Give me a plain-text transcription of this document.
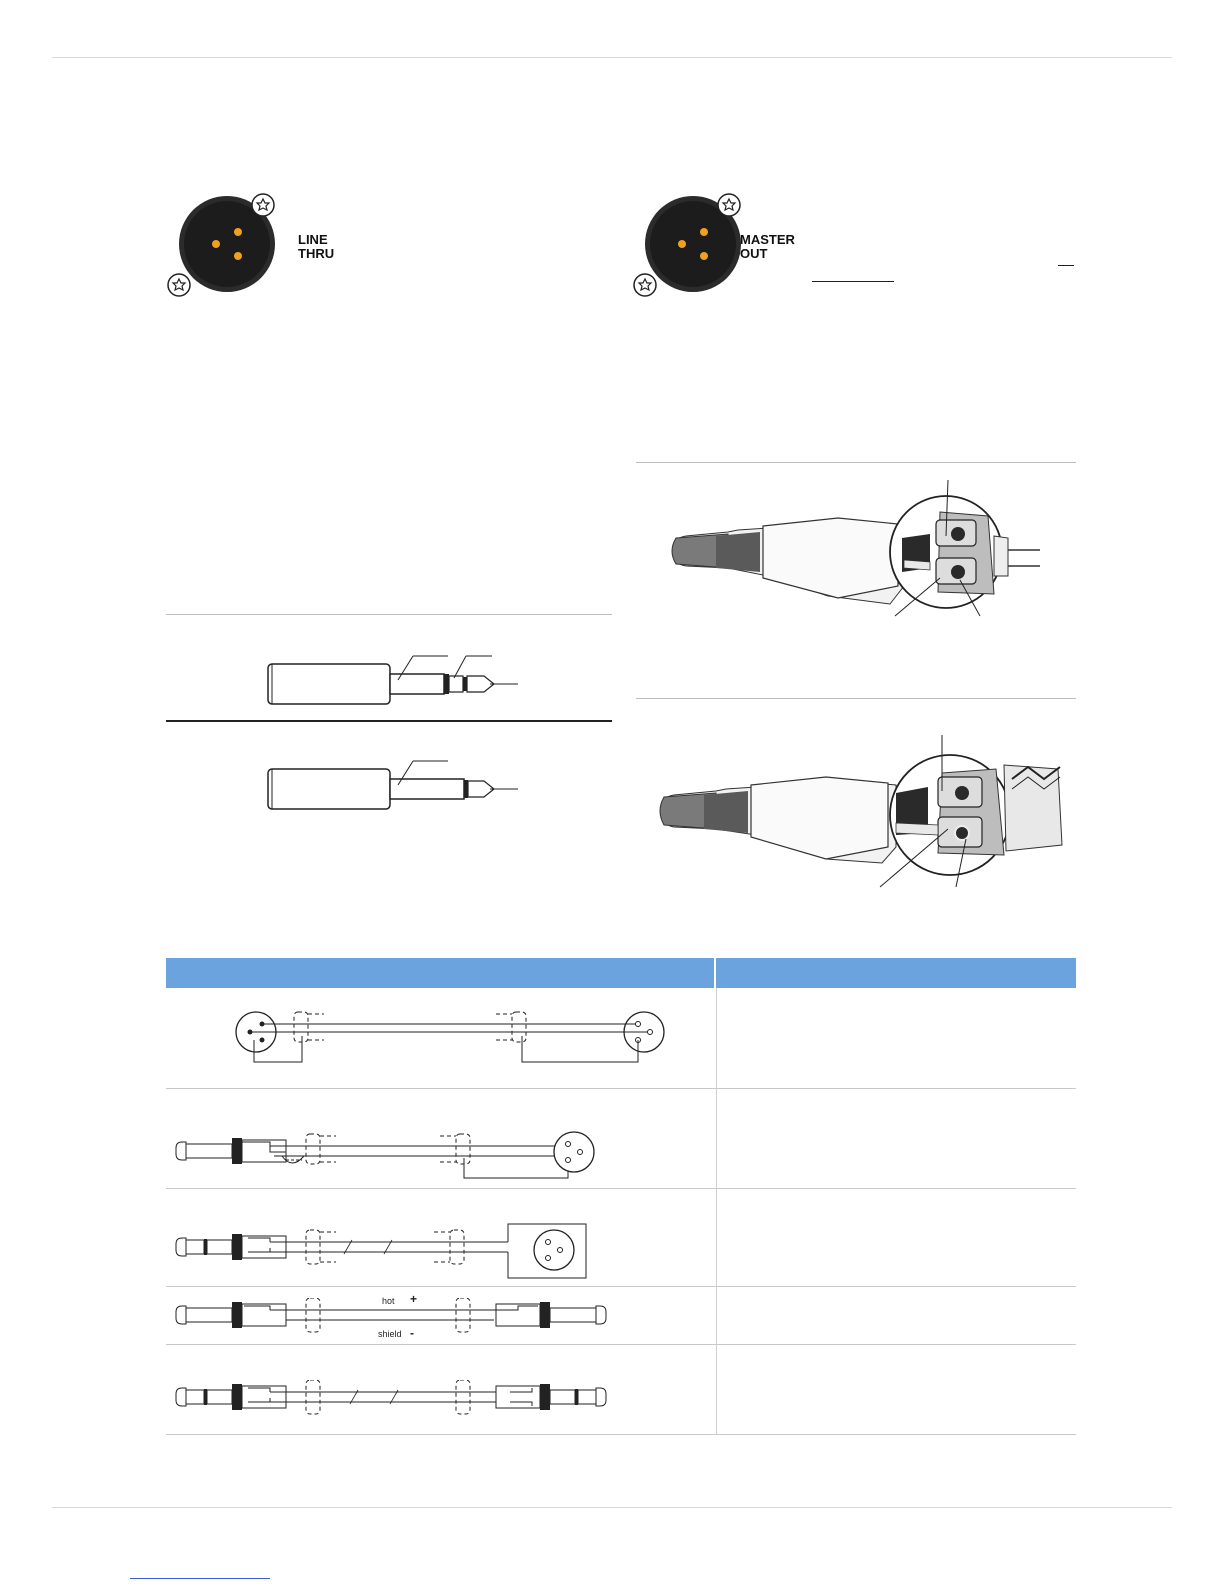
LINE
THRU
MASTER
OUT
hot +
shield -
